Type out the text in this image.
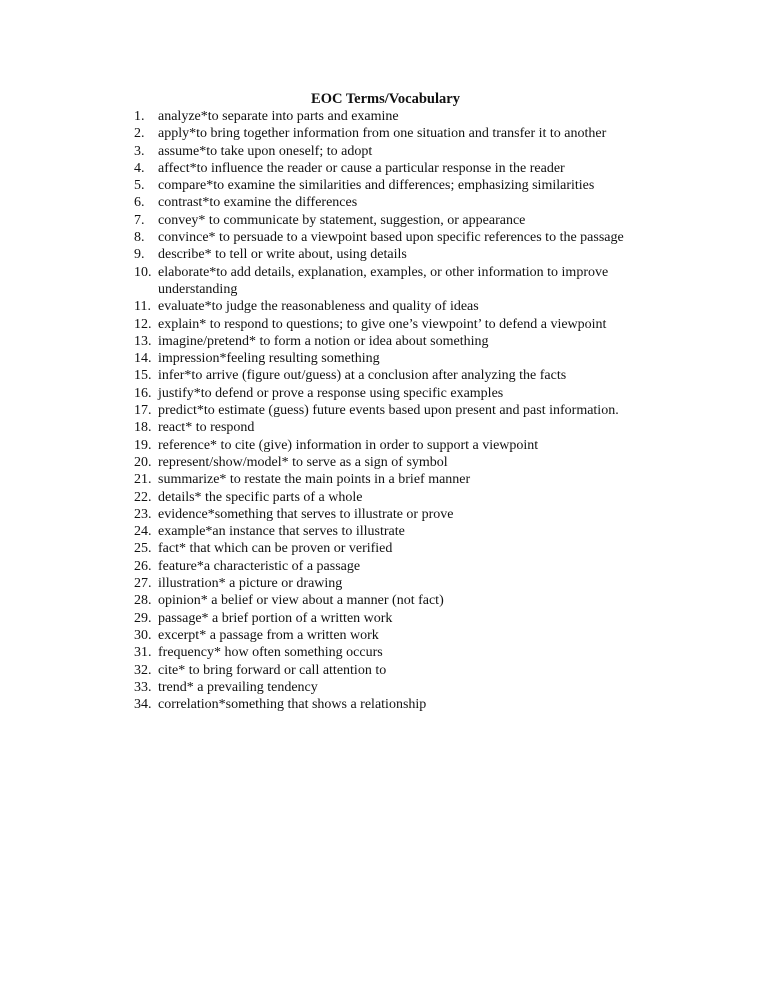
EOC Terms/Vocabulary
1. analyze*to separate into parts and examine
2. apply*to bring together information from one situation and transfer it to another
3. assume*to take upon oneself; to adopt
4. affect*to influence the reader or cause a particular response in the reader
5. compare*to examine the similarities and differences; emphasizing similarities
6. contrast*to examine the differences
7. convey* to communicate by statement, suggestion, or appearance
8. convince* to persuade to a viewpoint based upon specific references to the passage
9. describe* to tell or write about, using details
10. elaborate*to add details, explanation, examples, or other information to improve understanding
11. evaluate*to judge the reasonableness and quality of ideas
12. explain* to respond to questions; to give one’s viewpoint’ to defend a viewpoint
13. imagine/pretend* to form a notion or idea about something
14. impression*feeling resulting something
15. infer*to arrive (figure out/guess) at a conclusion after analyzing the facts
16. justify*to defend or prove a response using specific examples
17. predict*to estimate (guess) future events based upon present and past information.
18. react* to respond
19. reference* to cite (give) information in order to support a viewpoint
20. represent/show/model* to serve as a sign of symbol
21. summarize* to restate the main points in a brief manner
22. details* the specific parts of a whole
23. evidence*something that serves to illustrate or prove
24. example*an instance that serves to illustrate
25. fact* that which can be proven or verified
26. feature*a characteristic of a passage
27. illustration* a picture or drawing
28. opinion* a belief or view about a manner (not fact)
29. passage* a brief portion of a written work
30. excerpt* a passage from a written work
31. frequency* how often something occurs
32. cite* to bring forward or call attention to
33. trend* a prevailing tendency
34. correlation*something that shows a relationship
